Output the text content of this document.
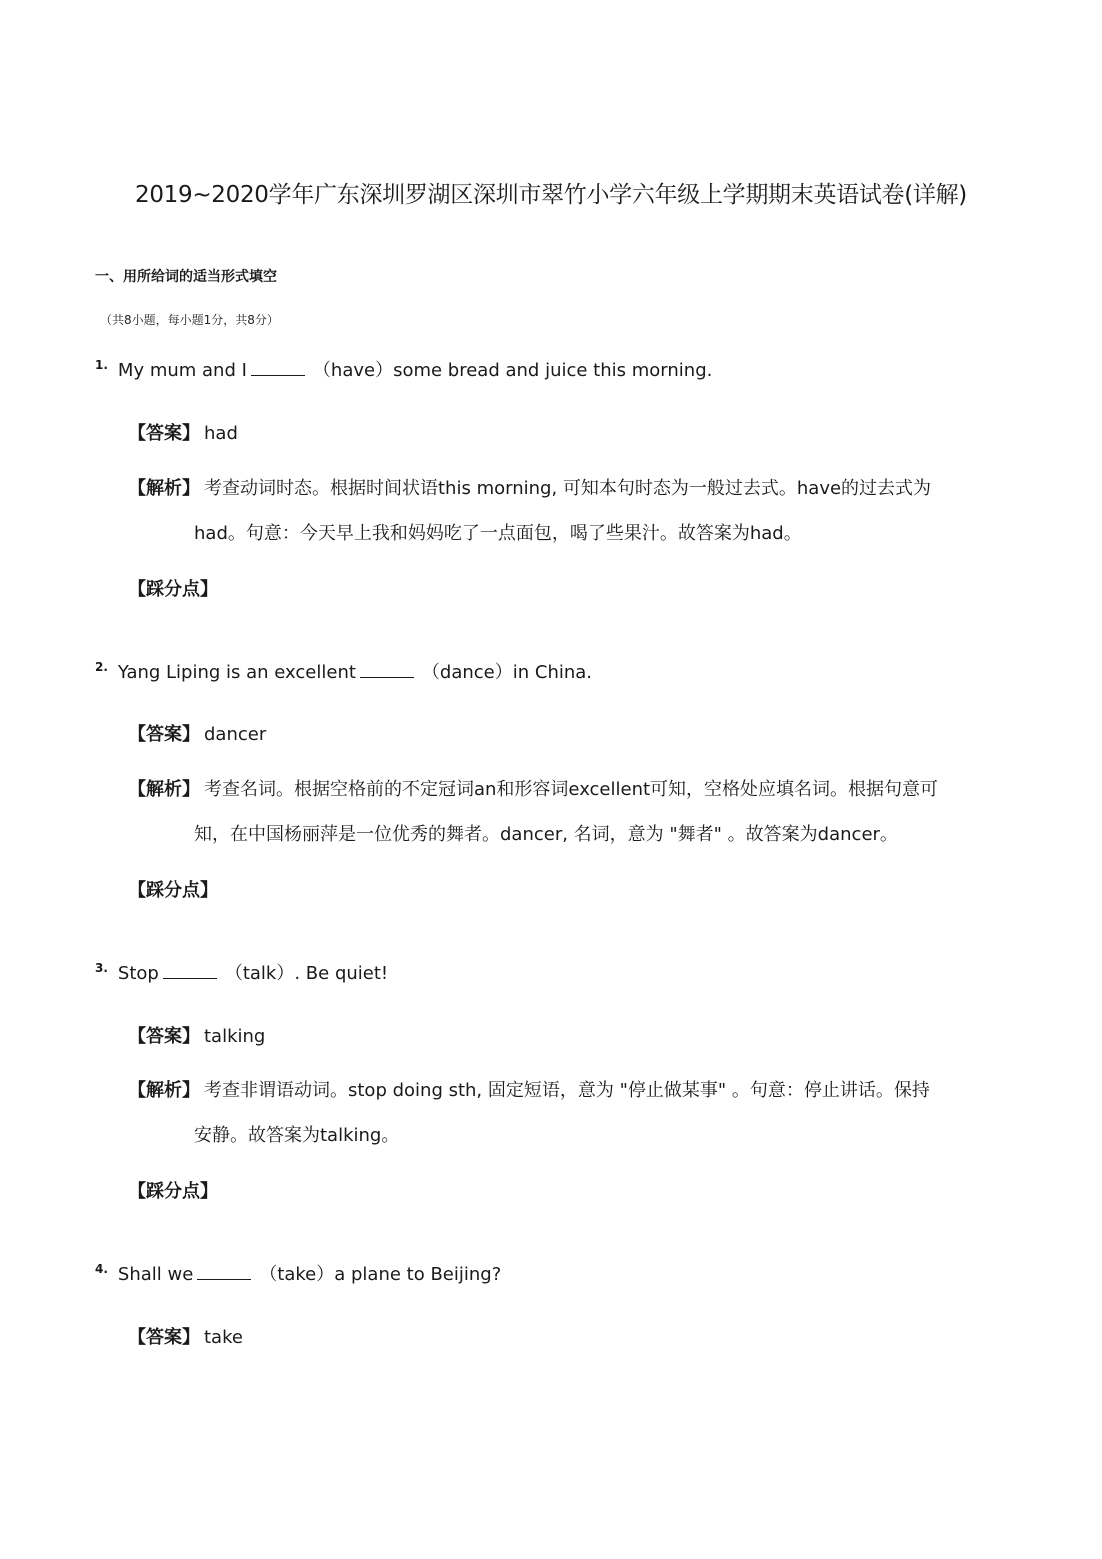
2019~2020学年广东深圳罗湖区深圳市翠竹小学六年级上学期期末英语试卷(详解)
一、用所给词的适当形式填空
（共8小题，每小题1分，共8分）
1. My mum and I	（have）some bread and juice this morning.
【答案】 had
【解析】 考查动词时态。根据时间状语this morning, 可知本句时态为一般过去式。have的过去式为
had。句意：今天早上我和妈妈吃了一点面包，喝了些果汁。故答案为had。
【踩分点】
2. Yang Liping is an excellent	（dance）in China.
【答案】 dancer
【解析】 考查名词。根据空格前的不定冠词an和形容词excellent可知，空格处应填名词。根据句意可
知，在中国杨丽萍是一位优秀的舞者。dancer, 名词，意为 "舞者" 。故答案为dancer。
【踩分点】
3. Stop	（talk）. Be quiet!
【答案】 talking
【解析】 考查非谓语动词。stop doing sth, 固定短语，意为 "停止做某事" 。句意：停止讲话。保持
安静。故答案为talking。
【踩分点】
4. Shall we	（take）a plane to Beijing?
【答案】 take
